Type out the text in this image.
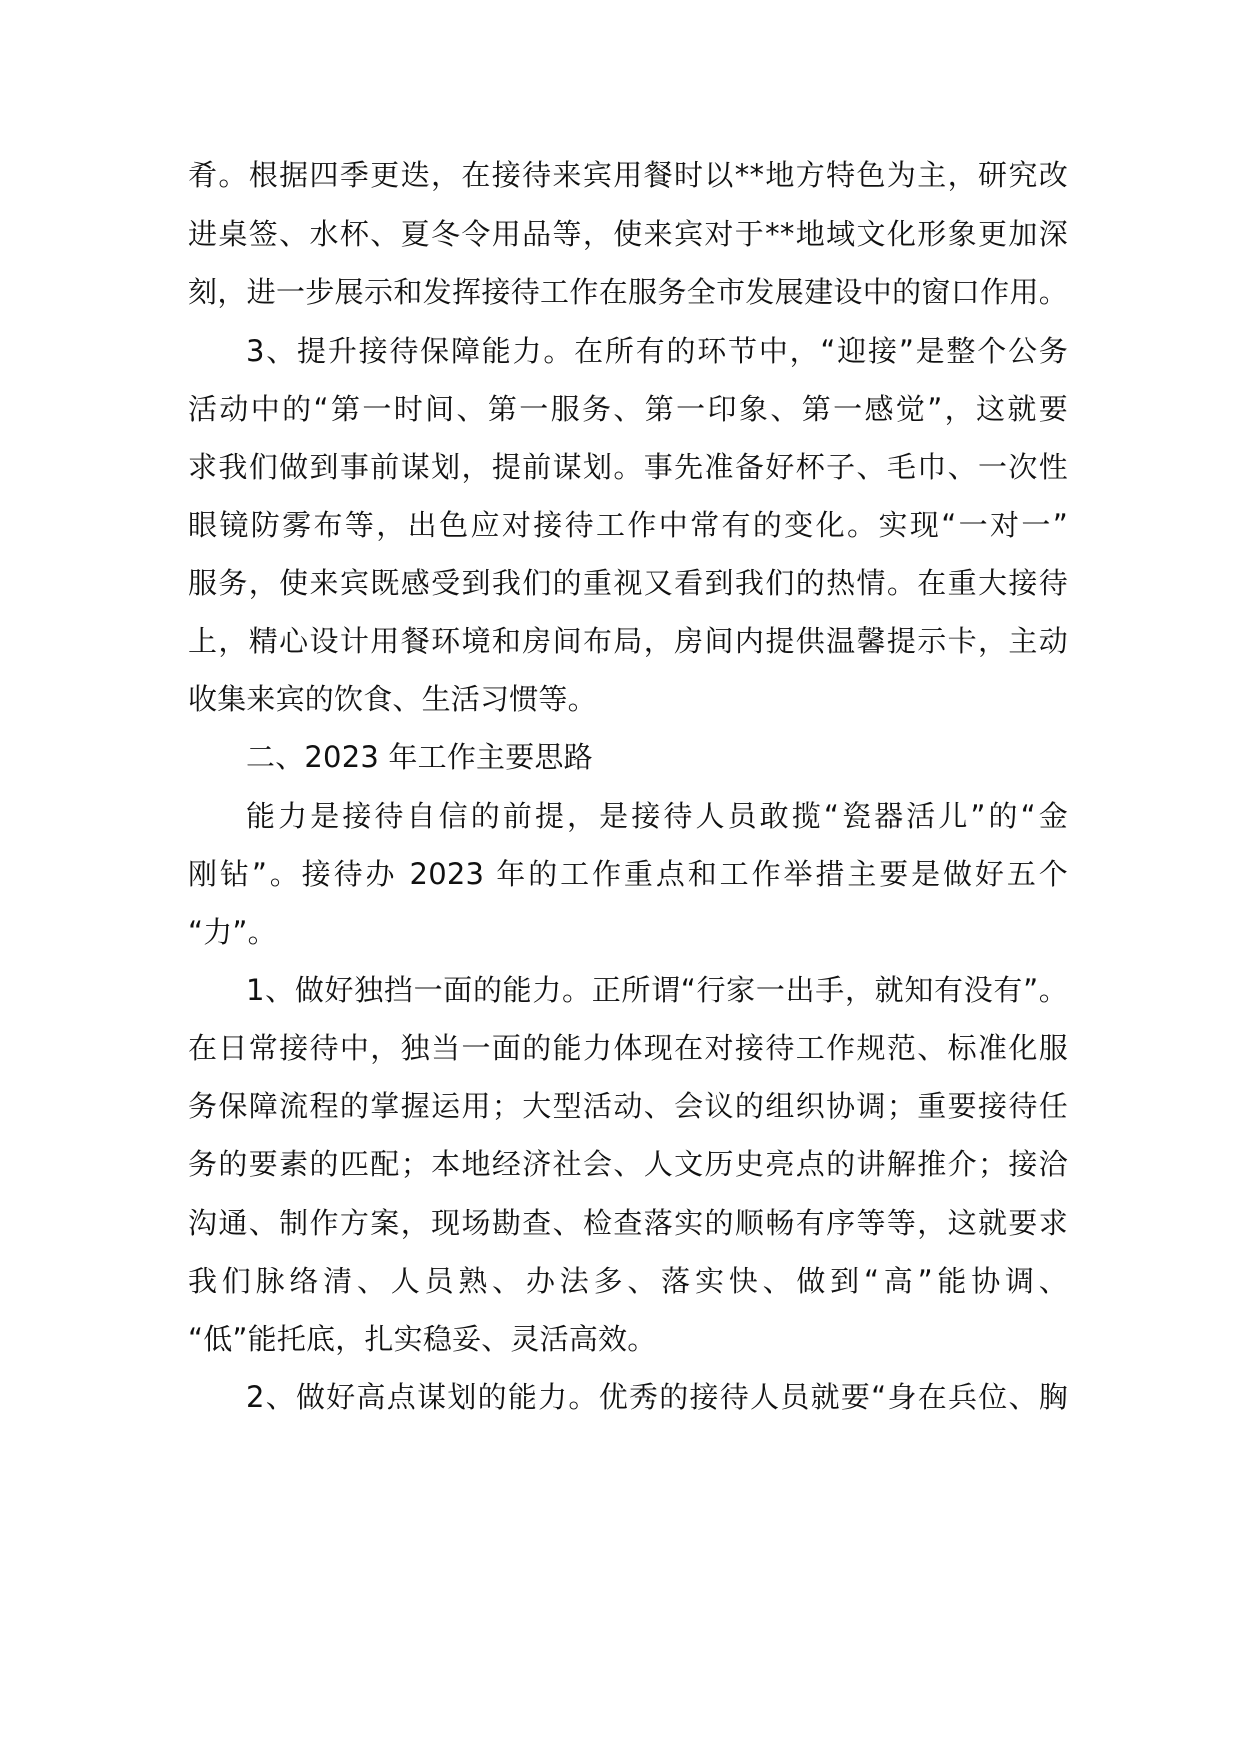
肴。根据四季更迭，在接待来宾用餐时以**地方特色为主，研究改
进桌签、水杯、夏冬令用品等，使来宾对于**地域文化形象更加深
刻，进一步展示和发挥接待工作在服务全市发展建设中的窗口作用。
3、提升接待保障能力。在所有的环节中，“迎接”是整个公务
活动中的“第一时间、第一服务、第一印象、第一感觉”，这就要
求我们做到事前谋划，提前谋划。事先准备好杯子、毛巾、一次性
眼镜防雾布等，出色应对接待工作中常有的变化。实现“一对一”
服务，使来宾既感受到我们的重视又看到我们的热情。在重大接待
上，精心设计用餐环境和房间布局，房间内提供温馨提示卡，主动
收集来宾的饮食、生活习惯等。
二、2023 年工作主要思路
能力是接待自信的前提，是接待人员敢揽“瓷器活儿”的“金
刚钻”。接待办 2023 年的工作重点和工作举措主要是做好五个
“力”。
1、做好独挡一面的能力。正所谓“行家一出手，就知有没有”。
在日常接待中，独当一面的能力体现在对接待工作规范、标准化服
务保障流程的掌握运用；大型活动、会议的组织协调；重要接待任
务的要素的匹配；本地经济社会、人文历史亮点的讲解推介；接洽
沟通、制作方案，现场勘查、检查落实的顺畅有序等等，这就要求
我们脉络清、人员熟、办法多、落实快、做到“高”能协调、
“低”能托底，扎实稳妥、灵活高效。
2、做好高点谋划的能力。优秀的接待人员就要“身在兵位、胸
